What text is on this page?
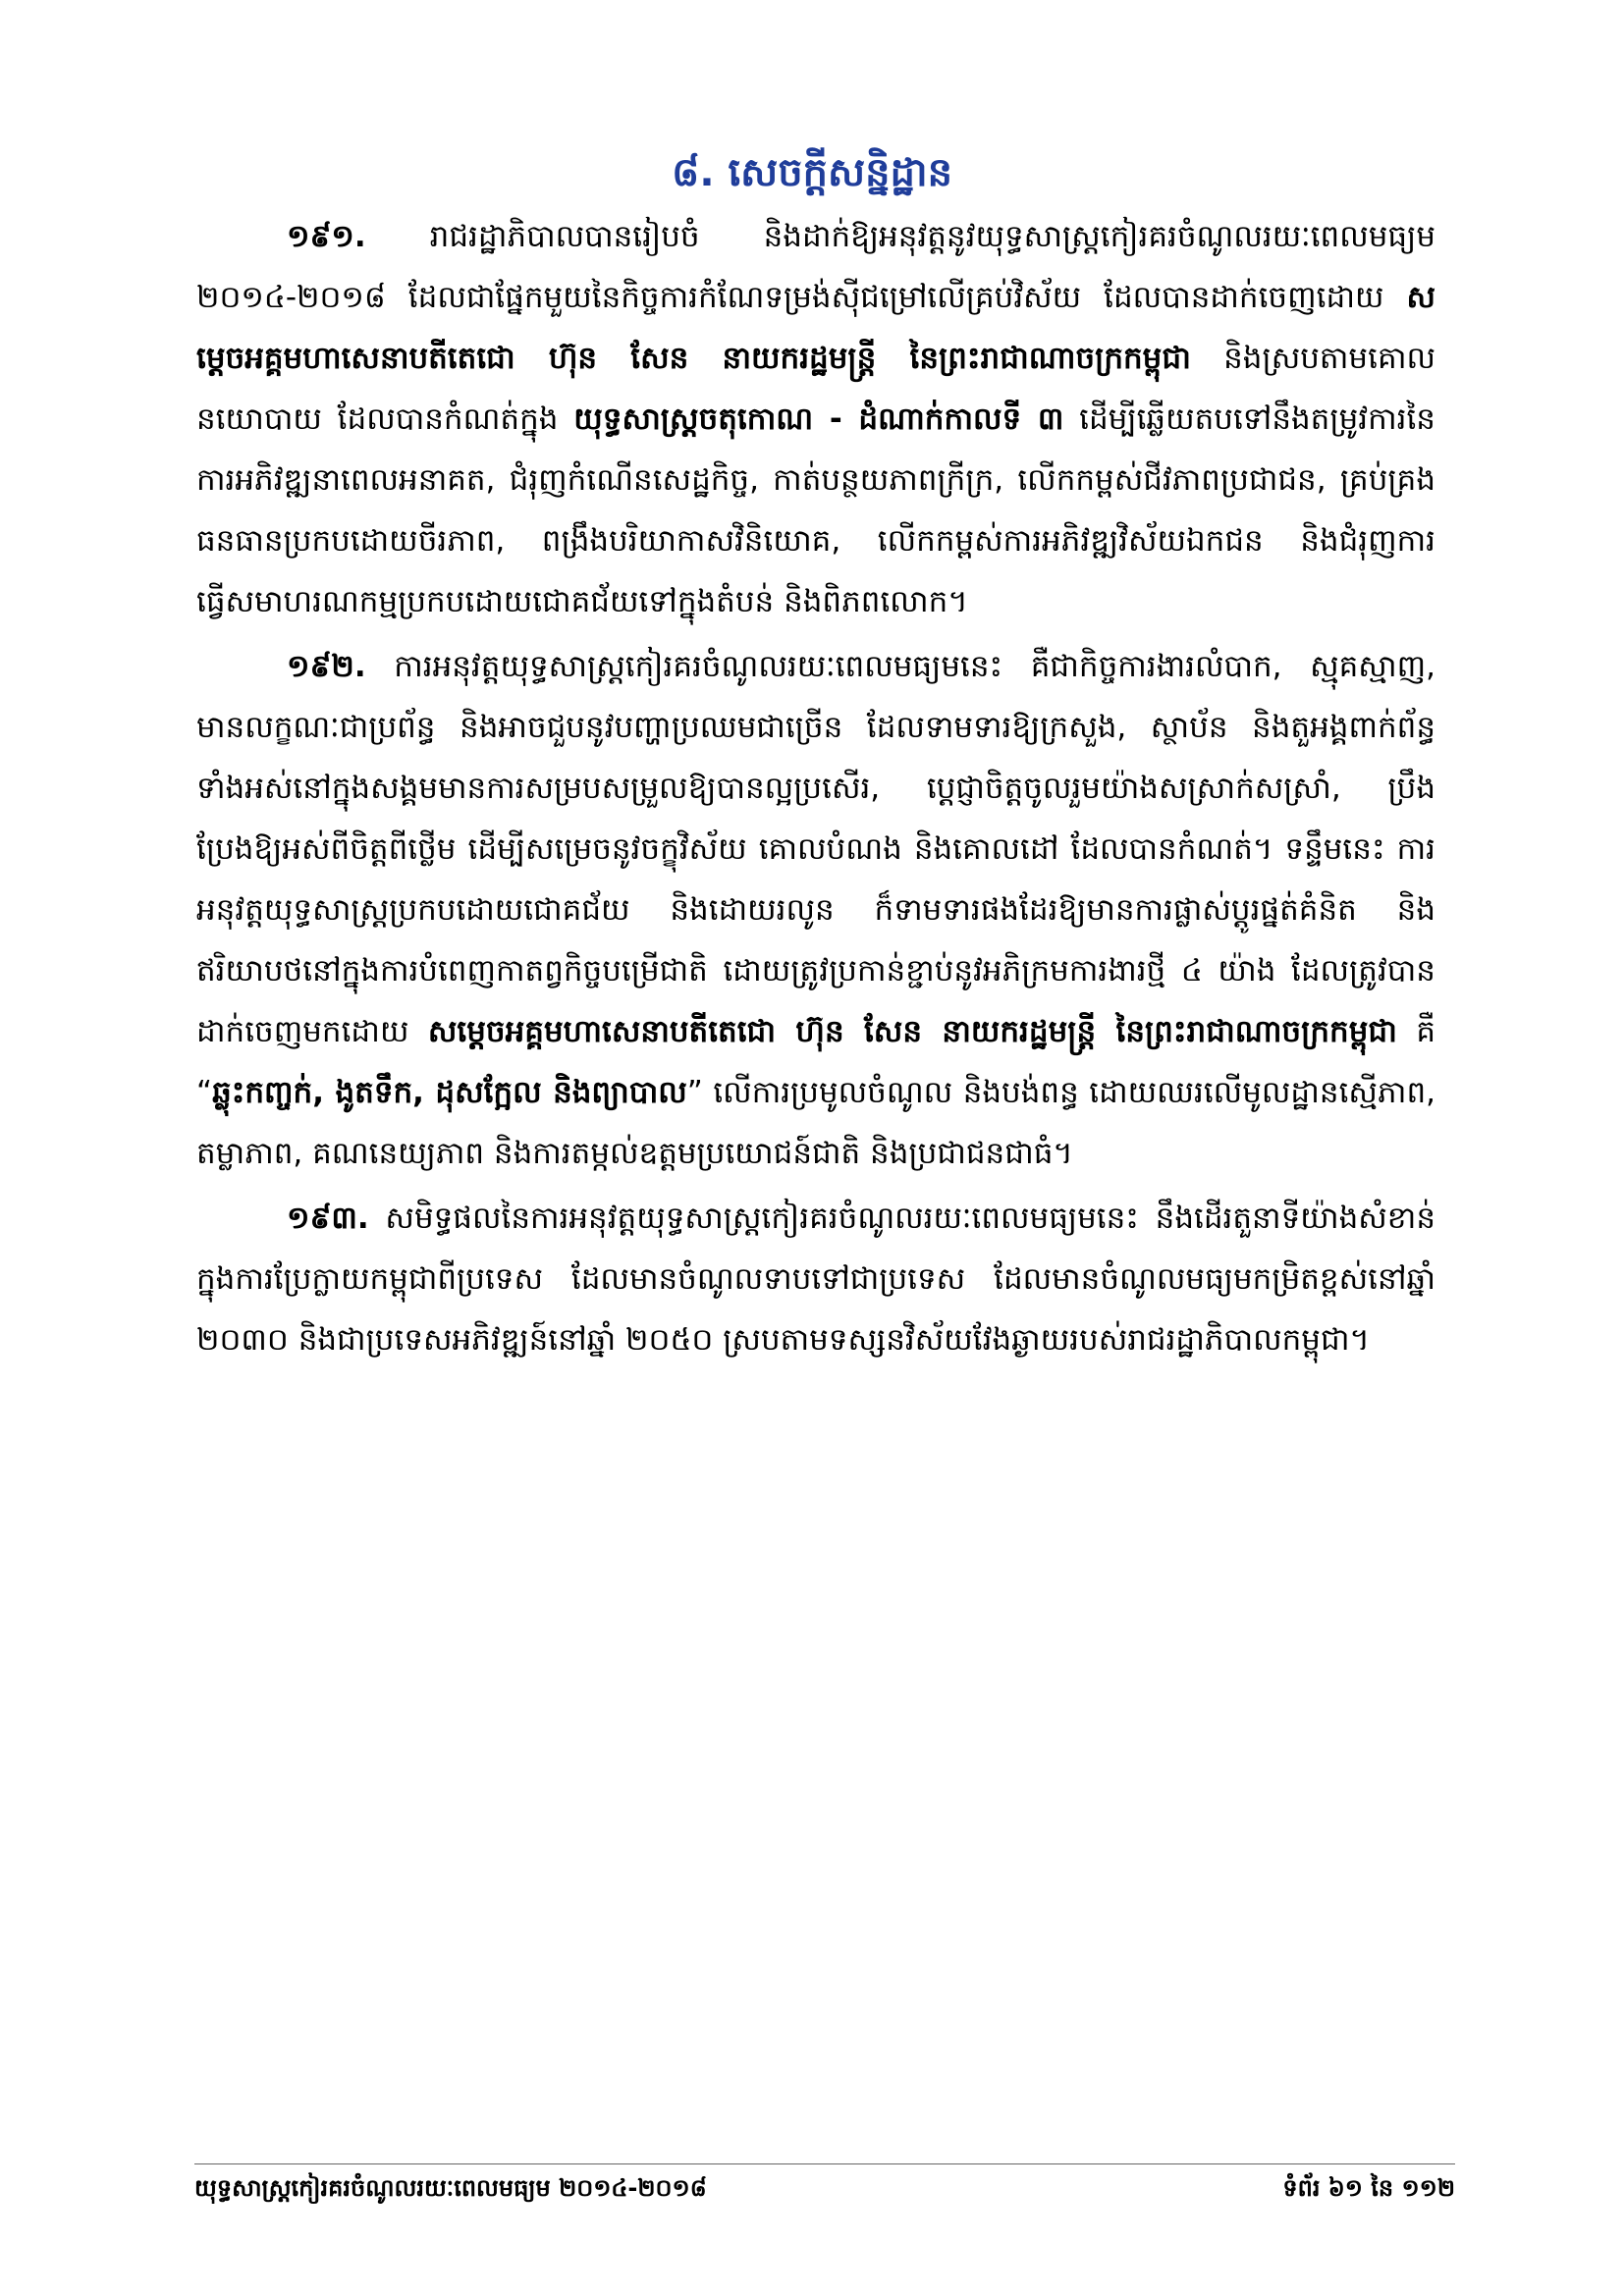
៨. សេចក្តីសន្និដ្ឋាន

១៩១. រាជរដ្ឋាភិបាលបានរៀបចំ និងដាក់ឱ្យអនុវត្តនូវយុទ្ធសាស្ត្រកៀរគរចំណូលរយៈពេលមធ្យម ២០១៤-២០១៨ ដែលជាផ្នែកមួយនៃកិច្ចការកំណែទម្រង់ស៊ីជម្រៅលើគ្រប់វិស័យ ដែលបានដាក់ចេញដោយ សម្តេចអគ្គមហាសេនាបតីតេជោ ហ៊ុន សែន នាយករដ្ឋមន្ត្រី នៃព្រះរាជាណាចក្រកម្ពុជា និងស្របតាមគោលនយោបាយ ដែលបានកំណត់ក្នុង យុទ្ធសាស្ត្រចតុកោណ - ដំណាក់កាលទី ៣ ដើម្បីឆ្លើយតបទៅនឹងតម្រូវការនៃការអភិវឌ្ឍនាពេលអនាគត, ជំរុញកំណើនសេដ្ឋកិច្ច, កាត់បន្ថយភាពក្រីក្រ, លើកកម្ពស់ជីវភាពប្រជាជន, គ្រប់គ្រងធនធានប្រកបដោយចីរភាព, ពង្រឹងបរិយាកាសវិនិយោគ, លើកកម្ពស់ការអភិវឌ្ឍវិស័យឯកជន និងជំរុញការធ្វើសមាហរណកម្មប្រកបដោយជោគជ័យទៅក្នុងតំបន់ និងពិភពលោក។

១៩២. ការអនុវត្តយុទ្ធសាស្ត្រកៀរគរចំណូលរយៈពេលមធ្យមនេះ គឺជាកិច្ចការងារលំបាក, ស្មុគស្មាញ, មានលក្ខណៈជាប្រព័ន្ធ និងអាចជួបនូវបញ្ហាប្រឈមជាច្រើន ដែលទាមទារឱ្យក្រសួង, ស្ថាប័ន និងតួអង្គពាក់ព័ន្ធ ទាំងអស់នៅក្នុងសង្គមមានការសម្របសម្រួលឱ្យបានល្អប្រសើរ, ប្តេជ្ញាចិត្តចូលរួមយ៉ាងសស្រាក់សស្រាំ, ប្រឹងប្រែងឱ្យអស់ពីចិត្តពីថ្លើម ដើម្បីសម្រេចនូវចក្ខុវិស័យ គោលបំណង និងគោលដៅ ដែលបានកំណត់។ ទន្ទឹមនេះ ការអនុវត្តយុទ្ធសាស្ត្រប្រកបដោយជោគជ័យ និងដោយរលូន ក៏ទាមទារផងដែរឱ្យមានការផ្លាស់ប្តូរផ្នត់គំនិត និងឥរិយាបថនៅក្នុងការបំពេញកាតព្វកិច្ចបម្រើជាតិ ដោយត្រូវប្រកាន់ខ្ជាប់នូវអភិក្រមការងារថ្មី ៤ យ៉ាង ដែលត្រូវបានដាក់ចេញមកដោយ សម្តេចអគ្គមហាសេនាបតីតេជោ ហ៊ុន សែន នាយករដ្ឋមន្ត្រី នៃព្រះរាជាណាចក្រកម្ពុជា គឺ “ឆ្លុះកញ្ចក់, ងូតទឹក, ដុសក្អែល និងព្យាបាល” លើការប្រមូលចំណូល និងបង់ពន្ធ ដោយឈរលើមូលដ្ឋានស្មើភាព, តម្លាភាព, គណនេយ្យភាព និងការតម្កល់ឧត្តមប្រយោជន៍ជាតិ និងប្រជាជនជាធំ។

១៩៣. សមិទ្ធផលនៃការអនុវត្តយុទ្ធសាស្ត្រកៀរគរចំណូលរយៈពេលមធ្យមនេះ នឹងដើរតួនាទីយ៉ាងសំខាន់ក្នុងការប្រែក្លាយកម្ពុជាពីប្រទេស ដែលមានចំណូលទាបទៅជាប្រទេស ដែលមានចំណូលមធ្យមកម្រិតខ្ពស់នៅឆ្នាំ ២០៣០ និងជាប្រទេសអភិវឌ្ឍន៍នៅឆ្នាំ ២០៥០ ស្របតាមទស្សនវិស័យវែងឆ្ងាយរបស់រាជរដ្ឋាភិបាលកម្ពុជា។

យុទ្ធសាស្ត្រកៀរគរចំណូលរយៈពេលមធ្យម ២០១៤-២០១៨	ទំព័រ ៦១ នៃ ១១២
